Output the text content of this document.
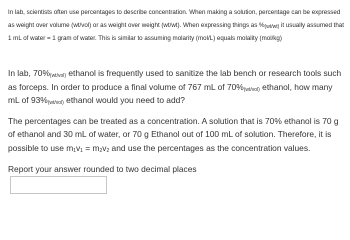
In lab, scientists often use percentages to describe concentration. When making a solution, percentage can be expressed as weight over volume (wt/vol) or as weight over weight (wt/wt). When expressing things as $\%_{(wt/wt)}$ it usually assumed that 1 mL of water = 1 gram of water. This is similar to assuming molarity (mol/L) equals molality (mol/kg)

In lab, $70\%_{(wt/vol)}$ ethanol is frequently used to sanitize the lab bench or research tools such as forceps. In order to produce a final volume of 767 mL of $70\%_{(wt/vol)}$ ethanol, how many mL of $93\%_{(wt/vol)}$ ethanol would you need to add?

The percentages can be treated as a concentration. A solution that is 70% ethanol is 70 g of ethanol and 30 mL of water, or 70 g Ethanol out of 100 mL of solution. Therefore, it is possible to use $m_1v_1 = m_2v_2$ and use the percentages as the concentration values.

Report your answer rounded to two decimal places
